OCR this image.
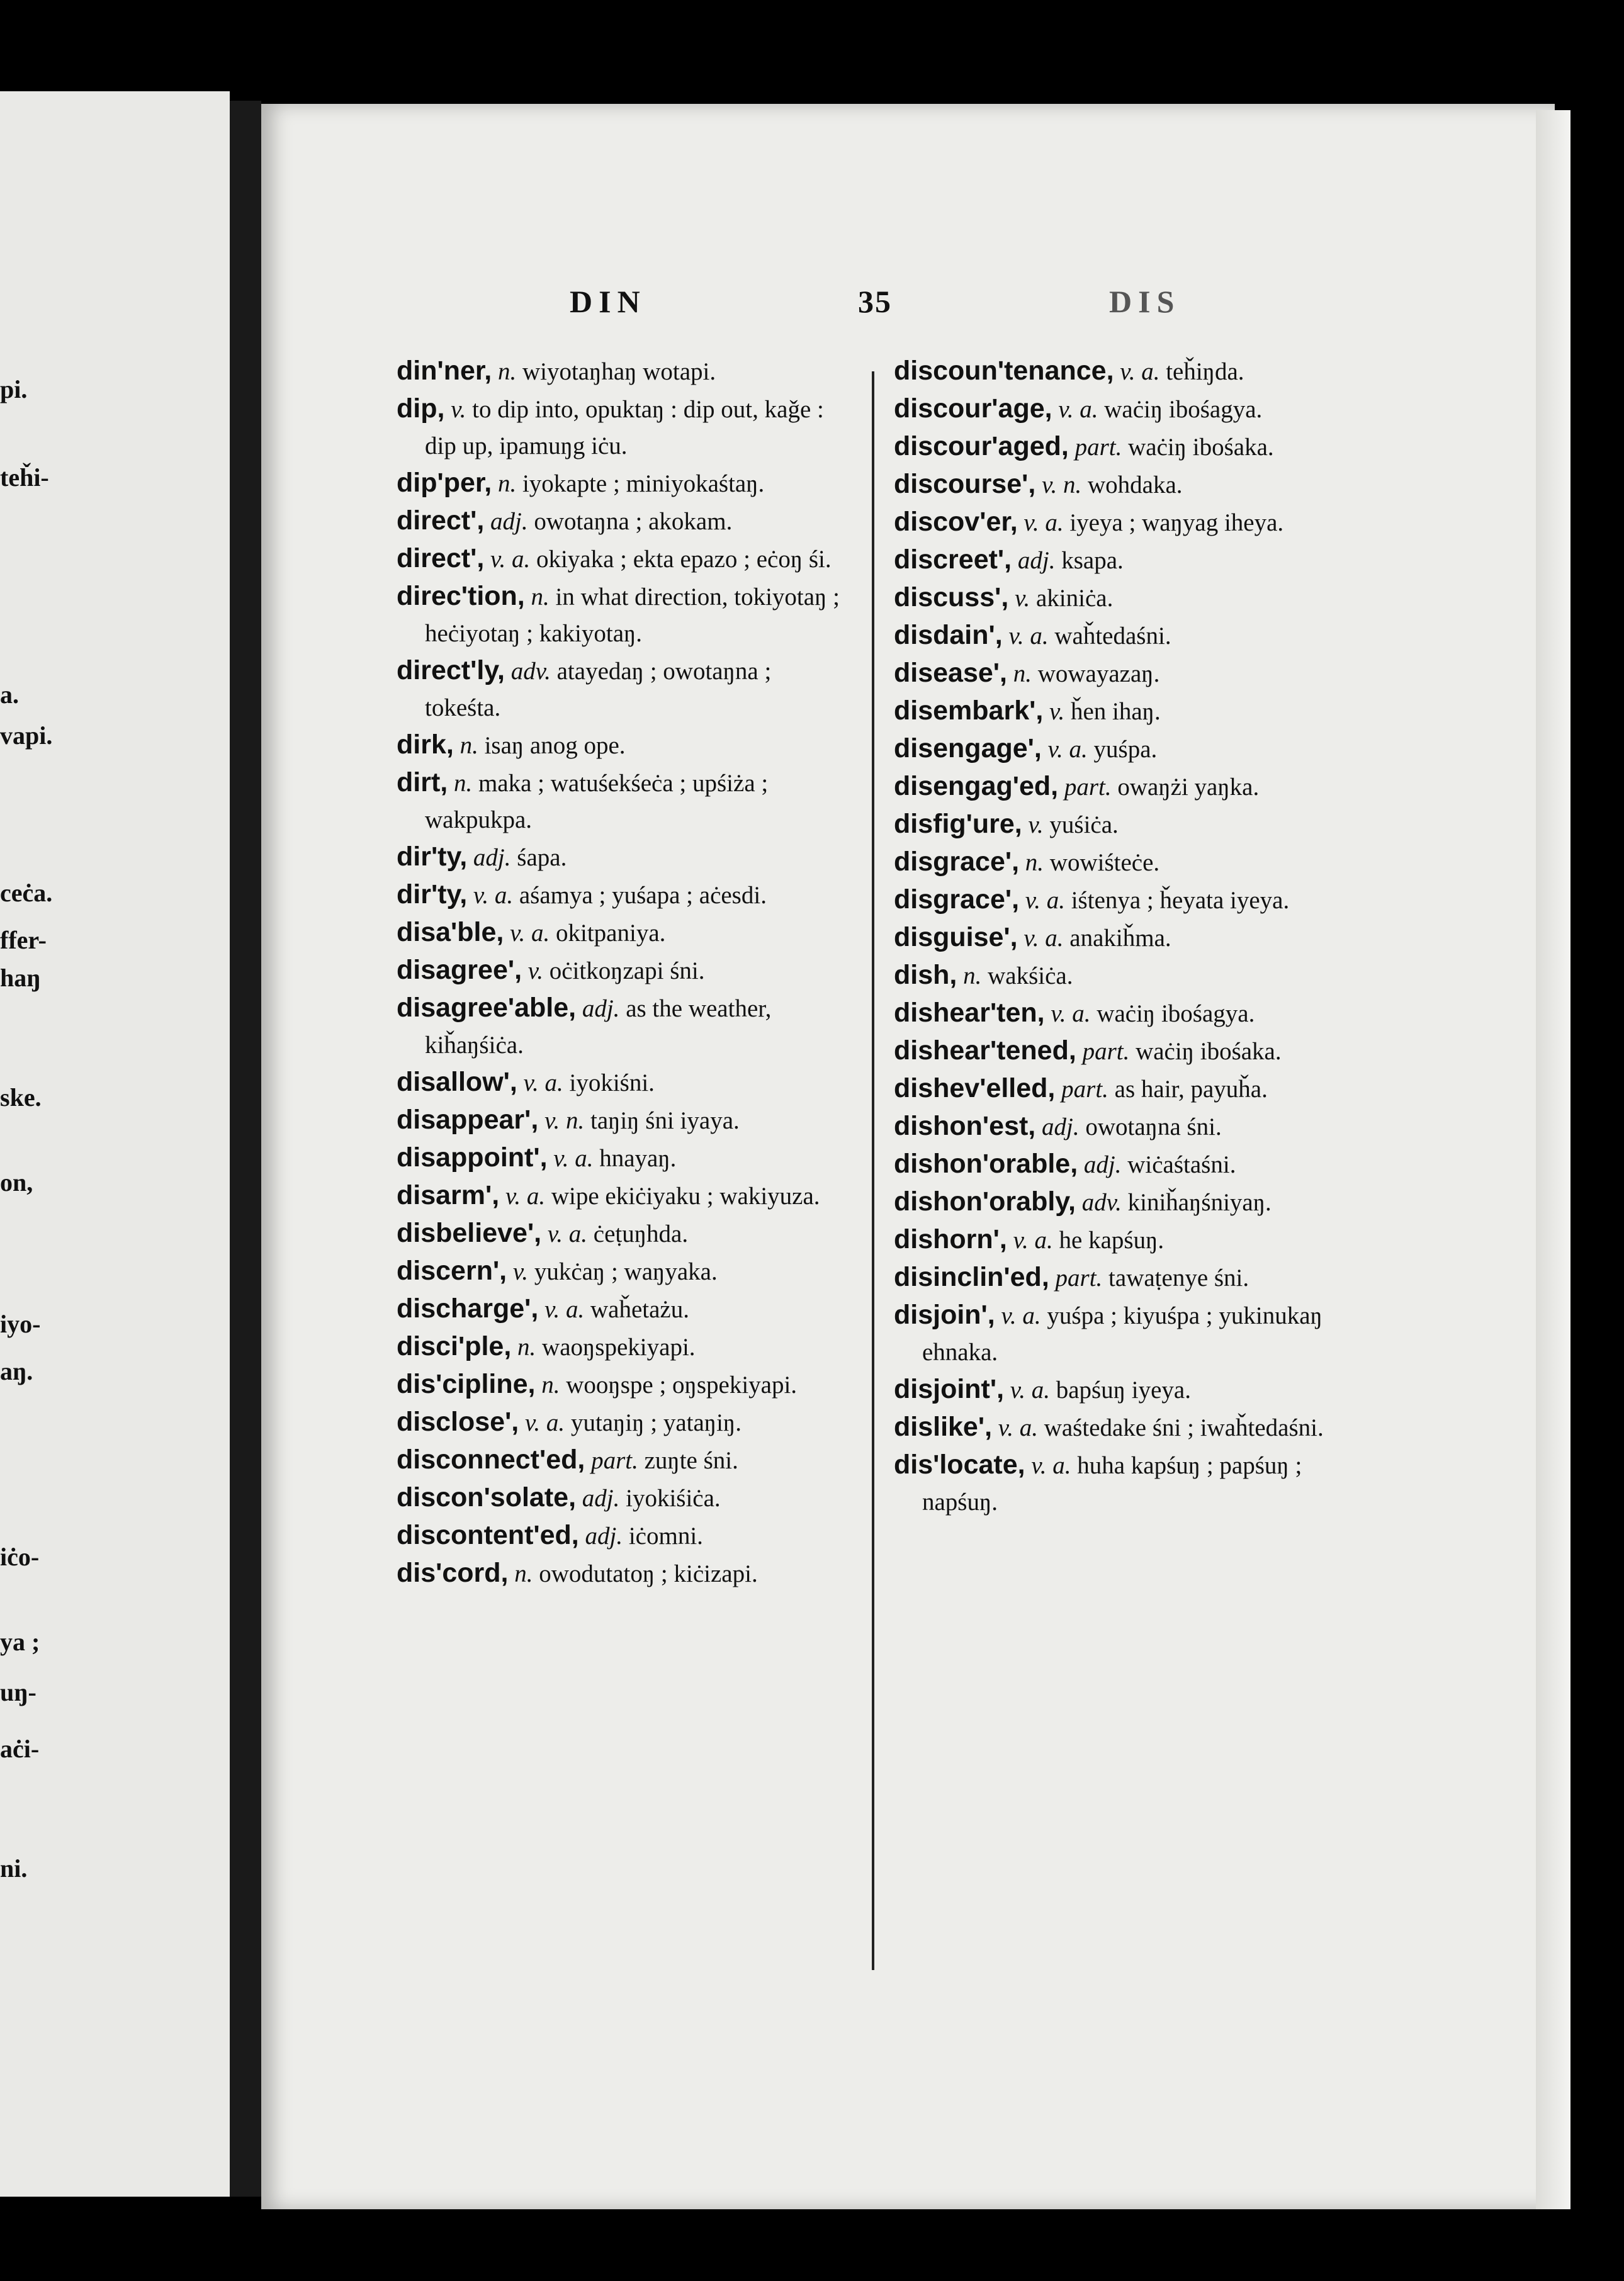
pi.
teȟi-
a.
vapi.
ceċa.
ffer-
haŋ
ske.
on,
iyo-
aŋ.
iċo-
ya ;
uŋ-
aċi-
ni.
DIN	35	DIS
din'ner, n. wiyotaŋhaŋ wotapi.
dip, v. to dip into, opuktaŋ : dip out, kaǧe : dip up, ipamuŋg iċu.
dip'per, n. iyokapte ; miniyokaśtaŋ.
direct', adj. owotaŋna ; akokam.
direct', v. a. okiyaka ; ekta epazo ; eċoŋ śi.
direc'tion, n. in what direction, tokiyotaŋ ; heċiyotaŋ ; kakiyotaŋ.
direct'ly, adv. atayedaŋ ; owotaŋna ; tokeśta.
dirk, n. isaŋ anog ope.
dirt, n. maka ; watuśekśeċa ; upśiża ; wakpukpa.
dir'ty, adj. śapa.
dir'ty, v. a. aśamya ; yuśapa ; aċesdi.
disa'ble, v. a. okitpaniya.
disagree', v. oċitkoŋzapi śni.
disagree'able, adj. as the weather, kiȟaŋśiċa.
disallow', v. a. iyokiśni.
disappear', v. n. taŋiŋ śni iyaya.
disappoint', v. a. hnayaŋ.
disarm', v. a. wipe ekiċiyaku ; wakiyuza.
disbelieve', v. a. ċeṭuŋhda.
discern', v. yukċaŋ ; waŋyaka.
discharge', v. a. waȟetażu.
disci'ple, n. waoŋspekiyapi.
dis'cipline, n. wooŋspe ; oŋspekiyapi.
disclose', v. a. yutaŋiŋ ; yataŋiŋ.
disconnect'ed, part. zuŋte śni.
discon'solate, adj. iyokiśiċa.
discontent'ed, adj. iċomni.
dis'cord, n. owodutatoŋ ; kiċizapi.
discoun'tenance, v. a. teȟiŋda.
discour'age, v. a. waċiŋ ibośagya.
discour'aged, part. waċiŋ ibośaka.
discourse', v. n. wohdaka.
discov'er, v. a. iyeya ; waŋyag iheya.
discreet', adj. ksapa.
discuss', v. akiniċa.
disdain', v. a. waȟtedaśni.
disease', n. wowayazaŋ.
disembark', v. ȟen ihaŋ.
disengage', v. a. yuśpa.
disengag'ed, part. owaŋżi yaŋka.
disfig'ure, v. yuśiċa.
disgrace', n. wowiśteċe.
disgrace', v. a. iśtenya ; ȟeyata iyeya.
disguise', v. a. anakiȟma.
dish, n. wakśiċa.
dishear'ten, v. a. waċiŋ ibośagya.
dishear'tened, part. waċiŋ ibośaka.
dishev'elled, part. as hair, payuȟa.
dishon'est, adj. owotaŋna śni.
dishon'orable, adj. wiċaśtaśni.
dishon'orably, adv. kiniȟaŋśniyaŋ.
dishorn', v. a. he kapśuŋ.
disinclin'ed, part. tawaṭenye śni.
disjoin', v. a. yuśpa ; kiyuśpa ; yukinukaŋ ehnaka.
disjoint', v. a. bapśuŋ iyeya.
dislike', v. a. waśtedake śni ; iwaȟtedaśni.
dis'locate, v. a. huha kapśuŋ ; papśuŋ ; napśuŋ.
